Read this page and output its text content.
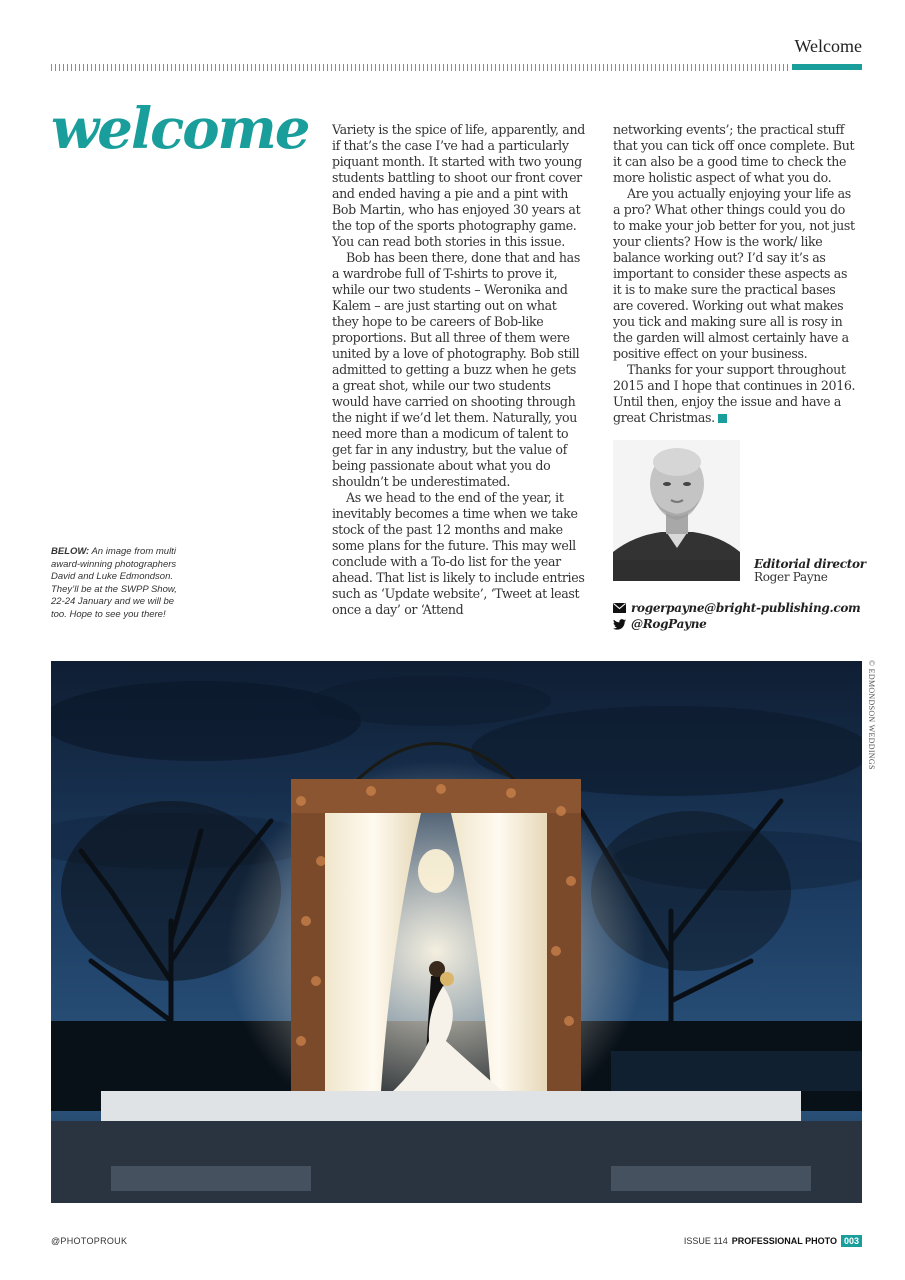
Welcome
welcome Variety is the spice of life, apparently, and if that’s the case I’ve had a particularly piquant month. It started with two young students battling to shoot our front cover and ended having a pie and a pint with Bob Martin, who has enjoyed 30 years at the top of the sports photography game. You can read both stories in this issue.

Bob has been there, done that and has a wardrobe full of T-shirts to prove it, while our two students – Weronika and Kalem – are just starting out on what they hope to be careers of Bob-like proportions. But all three of them were united by a love of photography. Bob still admitted to getting a buzz when he gets a great shot, while our two students would have carried on shooting through the night if we’d let them. Naturally, you need more than a modicum of talent to get far in any industry, but the value of being passionate about what you do shouldn’t be underestimated.

As we head to the end of the year, it inevitably becomes a time when we take stock of the past 12 months and make some plans for the future. This may well conclude with a To-do list for the year ahead. That list is likely to include entries such as ‘Update website’, ‘Tweet at least once a day’ or ‘Attend

networking events’; the practical stuff that you can tick off once complete. But it can also be a good time to check the more holistic aspect of what you do.

Are you actually enjoying your life as a pro? What other things could you do to make your job better for you, not just your clients? How is the work/ like balance working out? I’d say it’s as important to consider these aspects as it is to make sure the practical bases are covered. Working out what makes you tick and making sure all is rosy in the garden will almost certainly have a positive effect on your business.

Thanks for your support throughout 2015 and I hope that continues in 2016. Until then, enjoy the issue and have a great Christmas. x

BELOW: An image from multi award-winning photographers David and Luke Edmondson. They’ll be at the SWPP Show, 22-24 January and we will be too. Hope to see you there!
Editorial director
Roger Payne
rogerpayne@bright-publishing.com
@RogPayne
© EDMONDSON WEDDINGS
@PHOTOPROUK	ISSUE 114 PROFESSIONAL PHOTO 003
